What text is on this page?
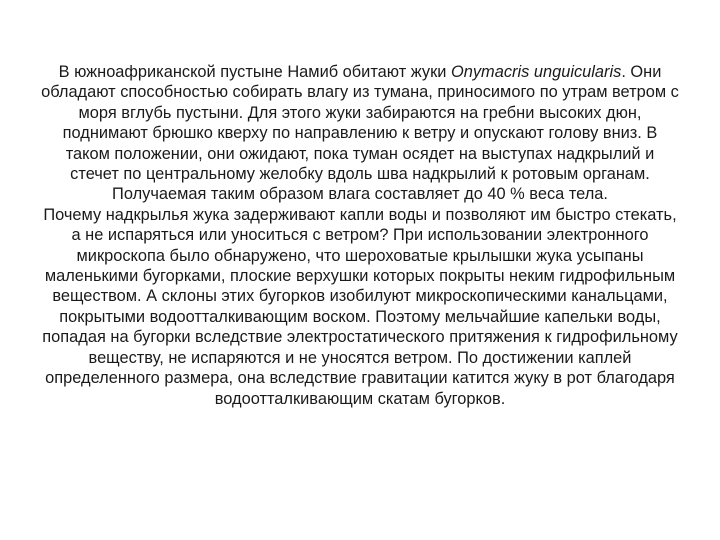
В южноафриканской пустыне Намиб обитают жуки Onymacris unguicularis. Они обладают способностью собирать влагу из тумана, приносимого по утрам ветром с моря вглубь пустыни. Для этого жуки забираются на гребни высоких дюн, поднимают брюшко кверху по направлению к ветру и опускают голову вниз. В таком положении, они ожидают, пока туман осядет на выступах надкрылий и стечет по центральному желобку вдоль шва надкрылий к ротовым органам. Получаемая таким образом влага составляет до 40 % веса тела.

Почему надкрылья жука задерживают капли воды и позволяют им быстро стекать, а не испаряться или уноситься с ветром? При использовании электронного микроскопа было обнаружено, что шероховатые крылышки жука усыпаны маленькими бугорками, плоские верхушки которых покрыты неким гидрофильным веществом. А склоны этих бугорков изобилуют микроскопическими канальцами, покрытыми водоотталкивающим воском. Поэтому мельчайшие капельки воды, попадая на бугорки вследствие электростатического притяжения к гидрофильному веществу, не испаряются и не уносятся ветром. По достижении каплей определенного размера, она вследствие гравитации катится жуку в рот благодаря водоотталкивающим скатам бугорков.
